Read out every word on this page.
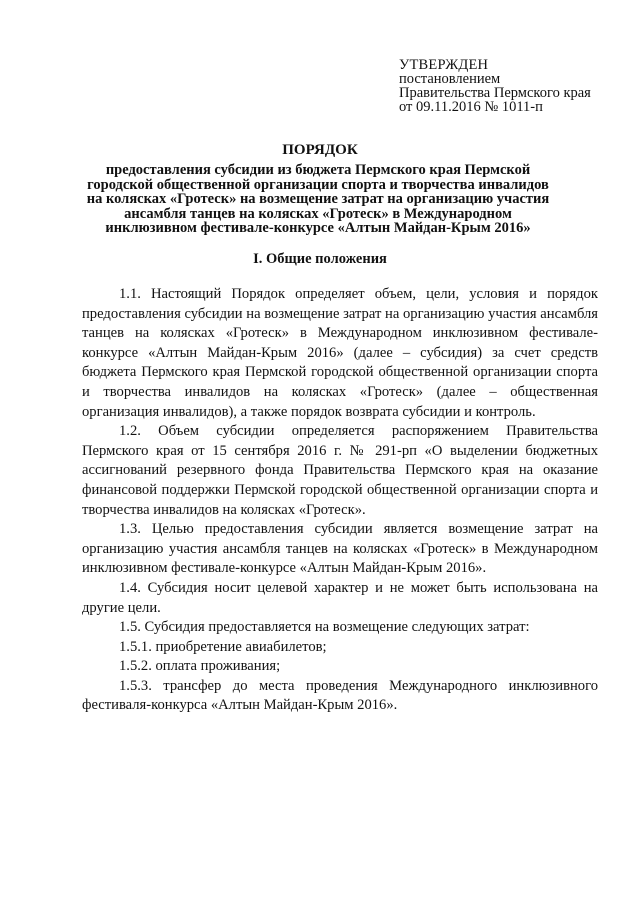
УТВЕРЖДЕН
постановлением
Правительства Пермского края
от 09.11.2016 № 1011-п
ПОРЯДОК
предоставления субсидии из бюджета Пермского края Пермской городской общественной организации спорта и творчества инвалидов на колясках «Гротеск» на возмещение затрат на организацию участия ансамбля танцев на колясках «Гротеск» в Международном инклюзивном фестивале-конкурсе «Алтын Майдан-Крым 2016»
I. Общие положения

1.1. Настоящий Порядок определяет объем, цели, условия и порядок предоставления субсидии на возмещение затрат на организацию участия ансамбля танцев на колясках «Гротеск» в Международном инклюзивном фестивале-конкурсе «Алтын Майдан-Крым 2016» (далее – субсидия) за счет средств бюджета Пермского края Пермской городской общественной организации спорта и творчества инвалидов на колясках «Гротеск» (далее – общественная организация инвалидов), а также порядок возврата субсидии и контроль.

1.2. Объем субсидии определяется распоряжением Правительства Пермского края от 15 сентября 2016 г. № 291-рп «О выделении бюджетных ассигнований резервного фонда Правительства Пермского края на оказание финансовой поддержки Пермской городской общественной организации спорта и творчества инвалидов на колясках «Гротеск».

1.3. Целью предоставления субсидии является возмещение затрат на организацию участия ансамбля танцев на колясках «Гротеск» в Международном инклюзивном фестивале-конкурсе «Алтын Майдан-Крым 2016».

1.4. Субсидия носит целевой характер и не может быть использована на другие цели.

1.5. Субсидия предоставляется на возмещение следующих затрат:

1.5.1. приобретение авиабилетов;

1.5.2. оплата проживания;

1.5.3. трансфер до места проведения Международного инклюзивного фестиваля-конкурса «Алтын Майдан-Крым 2016».
